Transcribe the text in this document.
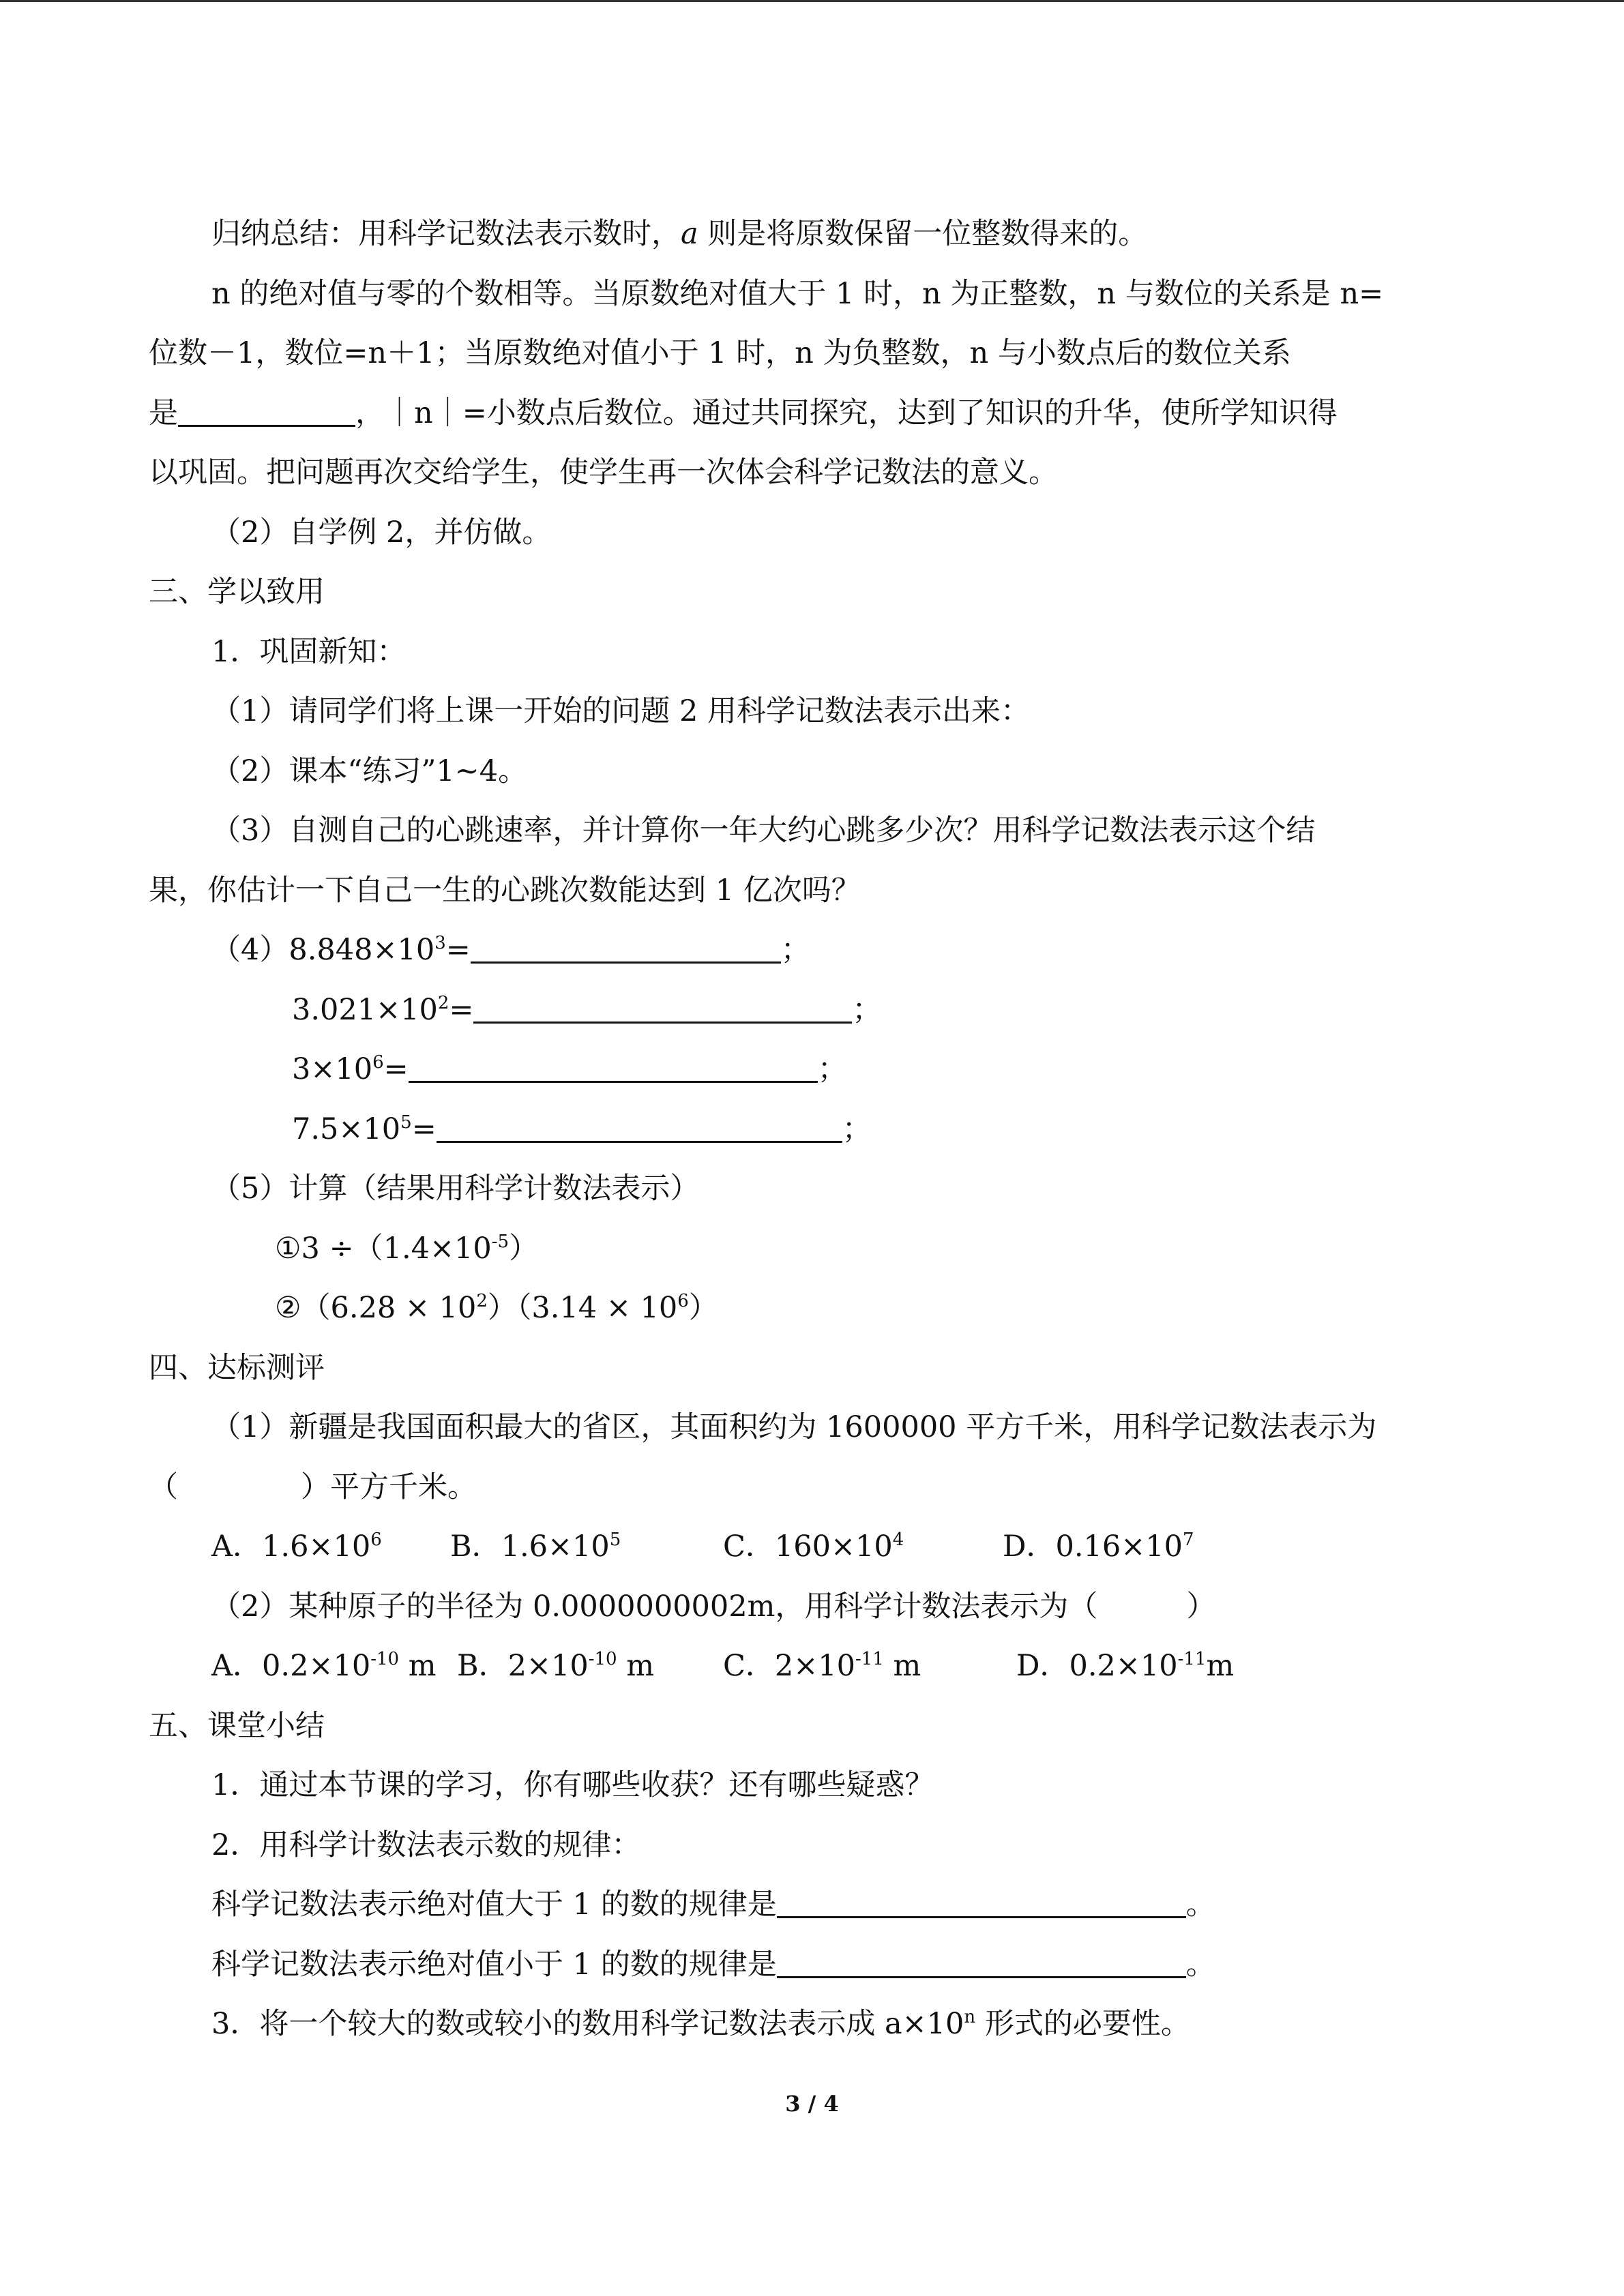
归纳总结：用科学记数法表示数时，a 则是将原数保留一位整数得来的。

n 的绝对值与零的个数相等。当原数绝对值大于 1 时，n 为正整数，n 与数位的关系是 n=

位数－1，数位=n＋1；当原数绝对值小于 1 时，n 为负整数，n 与小数点后的数位关系

是	，｜n｜=小数点后数位。通过共同探究，达到了知识的升华，使所学知识得

以巩固。把问题再次交给学生，使学生再一次体会科学记数法的意义。

（2）自学例 2，并仿做。

三、学以致用

1．巩固新知：

（1）请同学们将上课一开始的问题 2 用科学记数法表示出来：

（2）课本“练习”1~4。

（3）自测自己的心跳速率，并计算你一年大约心跳多少次？用科学记数法表示这个结

果，你估计一下自己一生的心跳次数能达到 1 亿次吗？

$(4)8.848\times 10^3=$	；

$3.021\times 10^2=$	；

$3\times 10^6=$	；

$7.5\times 10^5=$	；

（5）计算（结果用科学计数法表示）

①3 $\div(1.4\times 10^{-5})$

②（6.28 × $10^2)(3.14 \times 10^6)$

四、达标测评

（1）新疆是我国面积最大的省区，其面积约为 1600000 平方千米，用科学记数法表示为

（	）平方千米。

A．$1.6\times 10^6$ B．$1.6\times 10^5$	C．$160\times 10^4$	D．$0.16\times 10^7$

（2）某种原子的半径为 0.0000000002m，用科学计数法表示为（	）

A．$0.2\times 10^{-10}$ m B．$2\times 10^{-10}$ m C．$2\times 10^{-11}$ m	D．$0.2\times 10^{-11}m$

五、课堂小结

1．通过本节课的学习，你有哪些收获？还有哪些疑惑？

2．用科学计数法表示数的规律：

科学记数法表示绝对值大于 1 的数的规律是	。

科学记数法表示绝对值小于 1 的数的规律是	。

3．将一个较大的数或较小的数用科学记数法表示成 $a\times 10^n$ 形式的必要性。

3 / 4
